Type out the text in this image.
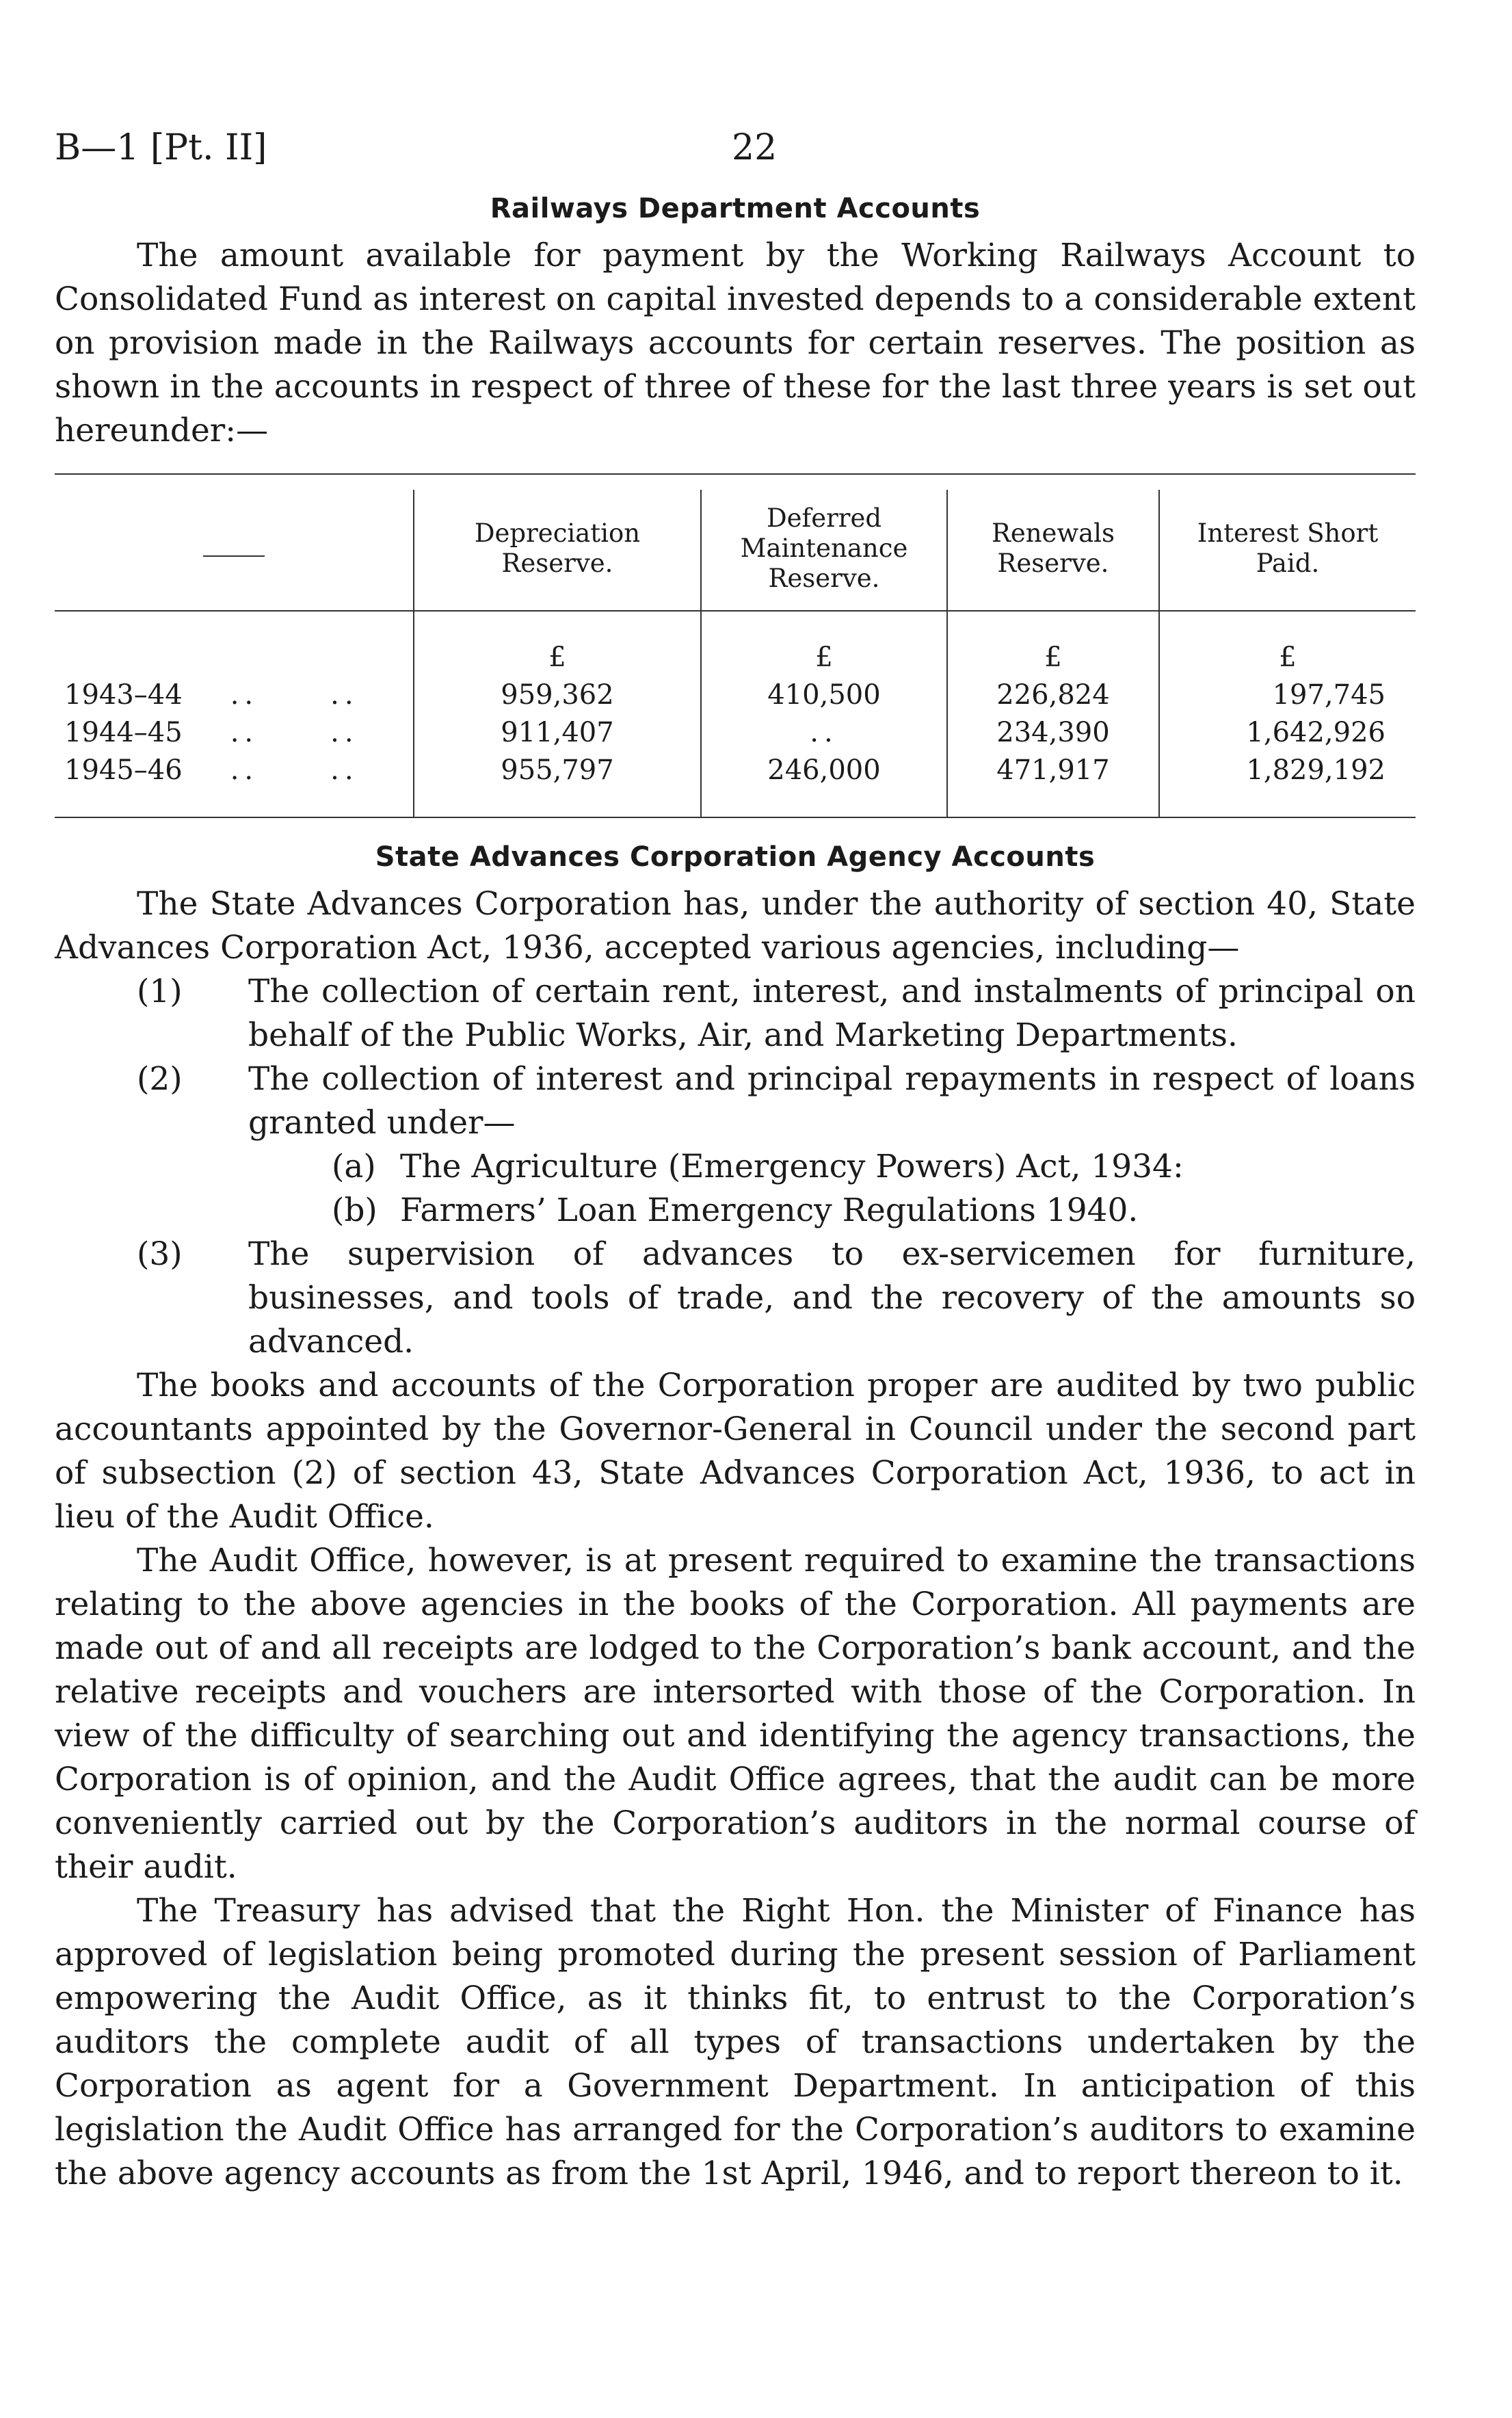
B—1 [Pt. II]	22
Railways Department Accounts

The amount available for payment by the Working Railways Account to Consolidated Fund as interest on capital invested depends to a considerable extent on provision made in the Railways accounts for certain reserves. The position as shown in the accounts in respect of three of these for the last three years is set out hereunder:—

	Depreciation Reserve.	Deferred Maintenance Reserve.	Renewals Reserve.	Interest Short Paid.
	£	£	£	£
1943–44 .. ..	959,362	410,500	226,824	197,745
1944–45 .. ..	911,407	..	234,390	1,642,926
1945–46 .. ..	955,797	246,000	471,917	1,829,192
State Advances Corporation Agency Accounts

The State Advances Corporation has, under the authority of section 40, State Advances Corporation Act, 1936, accepted various agencies, including—

(1) The collection of certain rent, interest, and instalments of principal on behalf of the Public Works, Air, and Marketing Departments.
(2) The collection of interest and principal repayments in respect of loans granted under—
(a) The Agriculture (Emergency Powers) Act, 1934:
(b) Farmers’ Loan Emergency Regulations 1940.
(3) The supervision of advances to ex-servicemen for furniture, businesses, and tools of trade, and the recovery of the amounts so advanced.

The books and accounts of the Corporation proper are audited by two public accountants appointed by the Governor-General in Council under the second part of subsection (2) of section 43, State Advances Corporation Act, 1936, to act in lieu of the Audit Office.

The Audit Office, however, is at present required to examine the transactions relating to the above agencies in the books of the Corporation. All payments are made out of and all receipts are lodged to the Corporation’s bank account, and the relative receipts and vouchers are intersorted with those of the Corporation. In view of the difficulty of searching out and identifying the agency transactions, the Corporation is of opinion, and the Audit Office agrees, that the audit can be more conveniently carried out by the Corporation’s auditors in the normal course of their audit.

The Treasury has advised that the Right Hon. the Minister of Finance has approved of legislation being promoted during the present session of Parliament empowering the Audit Office, as it thinks fit, to entrust to the Corporation’s auditors the complete audit of all types of transactions undertaken by the Corporation as agent for a Government Department. In anticipation of this legislation the Audit Office has arranged for the Corporation’s auditors to examine the above agency accounts as from the 1st April, 1946, and to report thereon to it.
